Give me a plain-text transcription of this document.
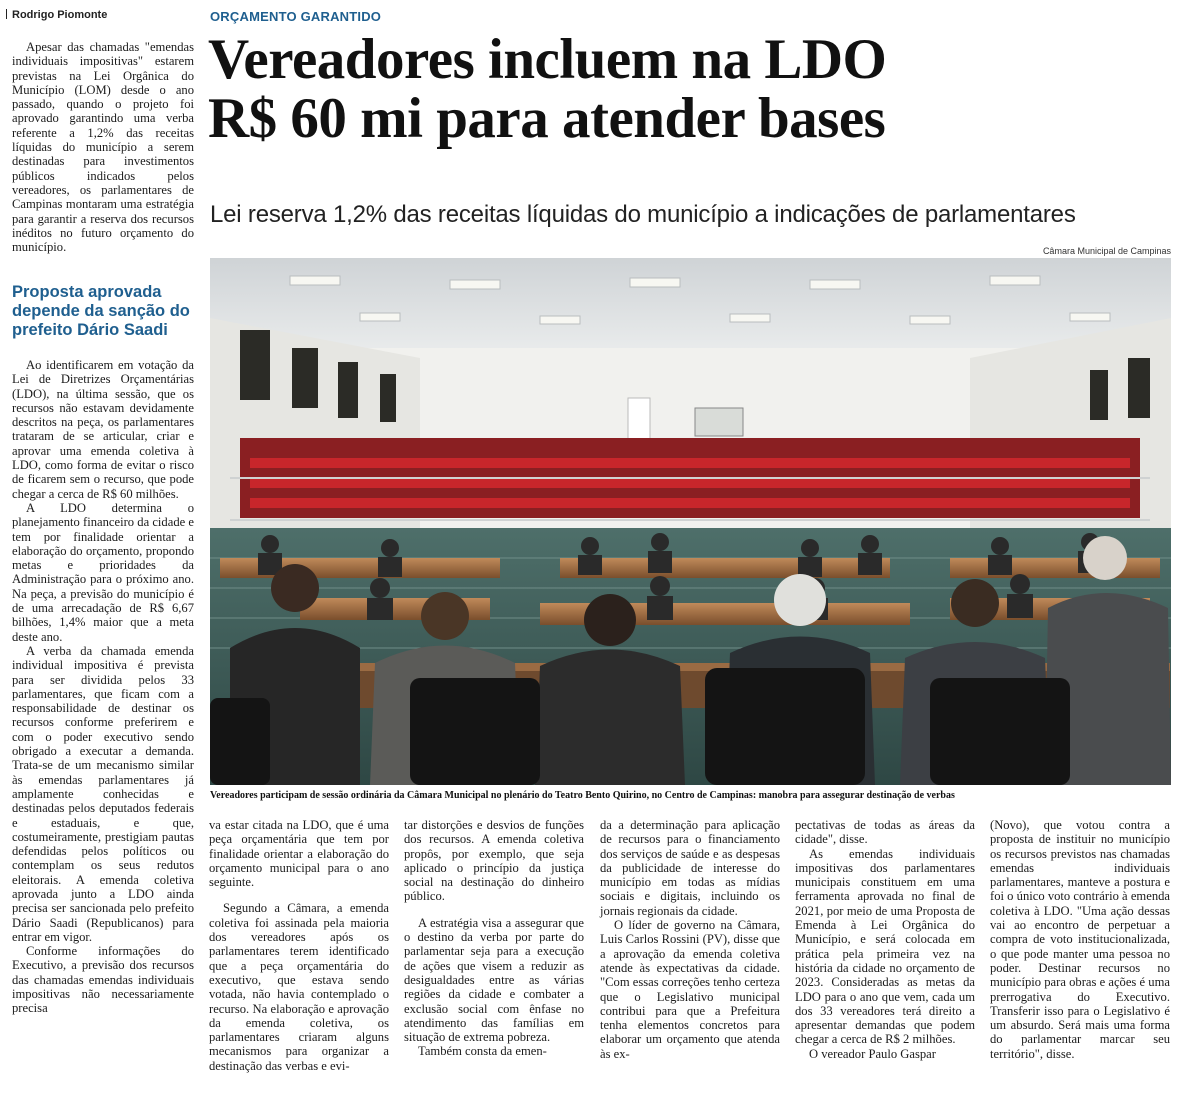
Rodrigo Piomonte	ORÇAMENTO GARANTIDO
Vereadores incluem na LDO
R$ 60 mi para atender bases
Lei reserva 1,2% das receitas líquidas do município a indicações de parlamentares
Câmara Municipal de Campinas
Vereadores participam de sessão ordinária da Câmara Municipal no plenário do Teatro Bento Quirino, no Centro de Campinas: manobra para assegurar destinação de verbas

Apesar das chamadas "emendas individuais impositivas" estarem previstas na Lei Orgânica do Município (LOM) desde o ano passado, quando o projeto foi aprovado garantindo uma verba referente a 1,2% das receitas líquidas do município a serem destinadas para investimentos públicos indicados pelos vereadores, os parlamentares de Campinas montaram uma estratégia para garantir a reserva dos recursos inéditos no futuro orçamento do município.

Proposta aprovada depende da sanção do prefeito Dário Saadi

Ao identificarem em votação da Lei de Diretrizes Orçamentárias (LDO), na última sessão, que os recursos não estavam devidamente descritos na peça, os parlamentares trataram de se articular, criar e aprovar uma emenda coletiva à LDO, como forma de evitar o risco de ficarem sem o recurso, que pode chegar a cerca de R$ 60 milhões.

A LDO determina o planejamento financeiro da cidade e tem por finalidade orientar a elaboração do orçamento, propondo metas e prioridades da Administração para o próximo ano. Na peça, a previsão do município é de uma arrecadação de R$ 6,67 bilhões, 1,4% maior que a meta deste ano.

A verba da chamada emenda individual impositiva é prevista para ser dividida pelos 33 parlamentares, que ficam com a responsabilidade de destinar os recursos conforme preferirem e com o poder executivo sendo obrigado a executar a demanda. Trata-se de um mecanismo similar às emendas parlamentares já amplamente conhecidas e destinadas pelos deputados federais e estaduais, e que, costumeiramente, prestigiam pautas defendidas pelos políticos ou contemplam os seus redutos eleitorais. A emenda coletiva aprovada junto a LDO ainda precisa ser sancionada pelo prefeito Dário Saadi (Republicanos) para entrar em vigor.

Conforme informações do Executivo, a previsão dos recursos das chamadas emendas individuais impositivas não necessariamente precisa

va estar citada na LDO, que é uma peça orçamentária que tem por finalidade orientar a elaboração do orçamento municipal para o ano seguinte.

Segundo a Câmara, a emenda coletiva foi assinada pela maioria dos vereadores após os parlamentares terem identificado que a peça orçamentária do executivo, que estava sendo votada, não havia contemplado o recurso. Na elaboração e aprovação da emenda coletiva, os parlamentares criaram alguns mecanismos para organizar a destinação das verbas e evi-

tar distorções e desvios de funções dos recursos. A emenda coletiva propôs, por exemplo, que seja aplicado o princípio da justiça social na destinação do dinheiro público.

A estratégia visa a assegurar que o destino da verba por parte do parlamentar seja para a execução de ações que visem a reduzir as desigualdades entre as várias regiões da cidade e combater a exclusão social com ênfase no atendimento das famílias em situação de extrema pobreza.

Também consta da emen-

da a determinação para aplicação de recursos para o financiamento dos serviços de saúde e as despesas da publicidade de interesse do município em todas as mídias sociais e digitais, incluindo os jornais regionais da cidade.

O líder de governo na Câmara, Luis Carlos Rossini (PV), disse que a aprovação da emenda coletiva atende às expectativas da cidade. "Com essas correções tenho certeza que o Legislativo municipal contribui para que a Prefeitura tenha elementos concretos para elaborar um orçamento que atenda às ex-

pectativas de todas as áreas da cidade", disse.

As emendas individuais impositivas dos parlamentares municipais constituem em uma ferramenta aprovada no final de 2021, por meio de uma Proposta de Emenda à Lei Orgânica do Município, e será colocada em prática pela primeira vez na história da cidade no orçamento de 2023. Consideradas as metas da LDO para o ano que vem, cada um dos 33 vereadores terá direito a apresentar demandas que podem chegar a cerca de R$ 2 milhões.

O vereador Paulo Gaspar

(Novo), que votou contra a proposta de instituir no município os recursos previstos nas chamadas emendas individuais parlamentares, manteve a postura e foi o único voto contrário à emenda coletiva à LDO. "Uma ação dessas vai ao encontro de perpetuar a compra de voto institucionalizada, o que pode manter uma pessoa no poder. Destinar recursos no município para obras e ações é uma prerrogativa do Executivo. Transferir isso para o Legislativo é um absurdo. Será mais uma forma do parlamentar marcar seu território", disse.
